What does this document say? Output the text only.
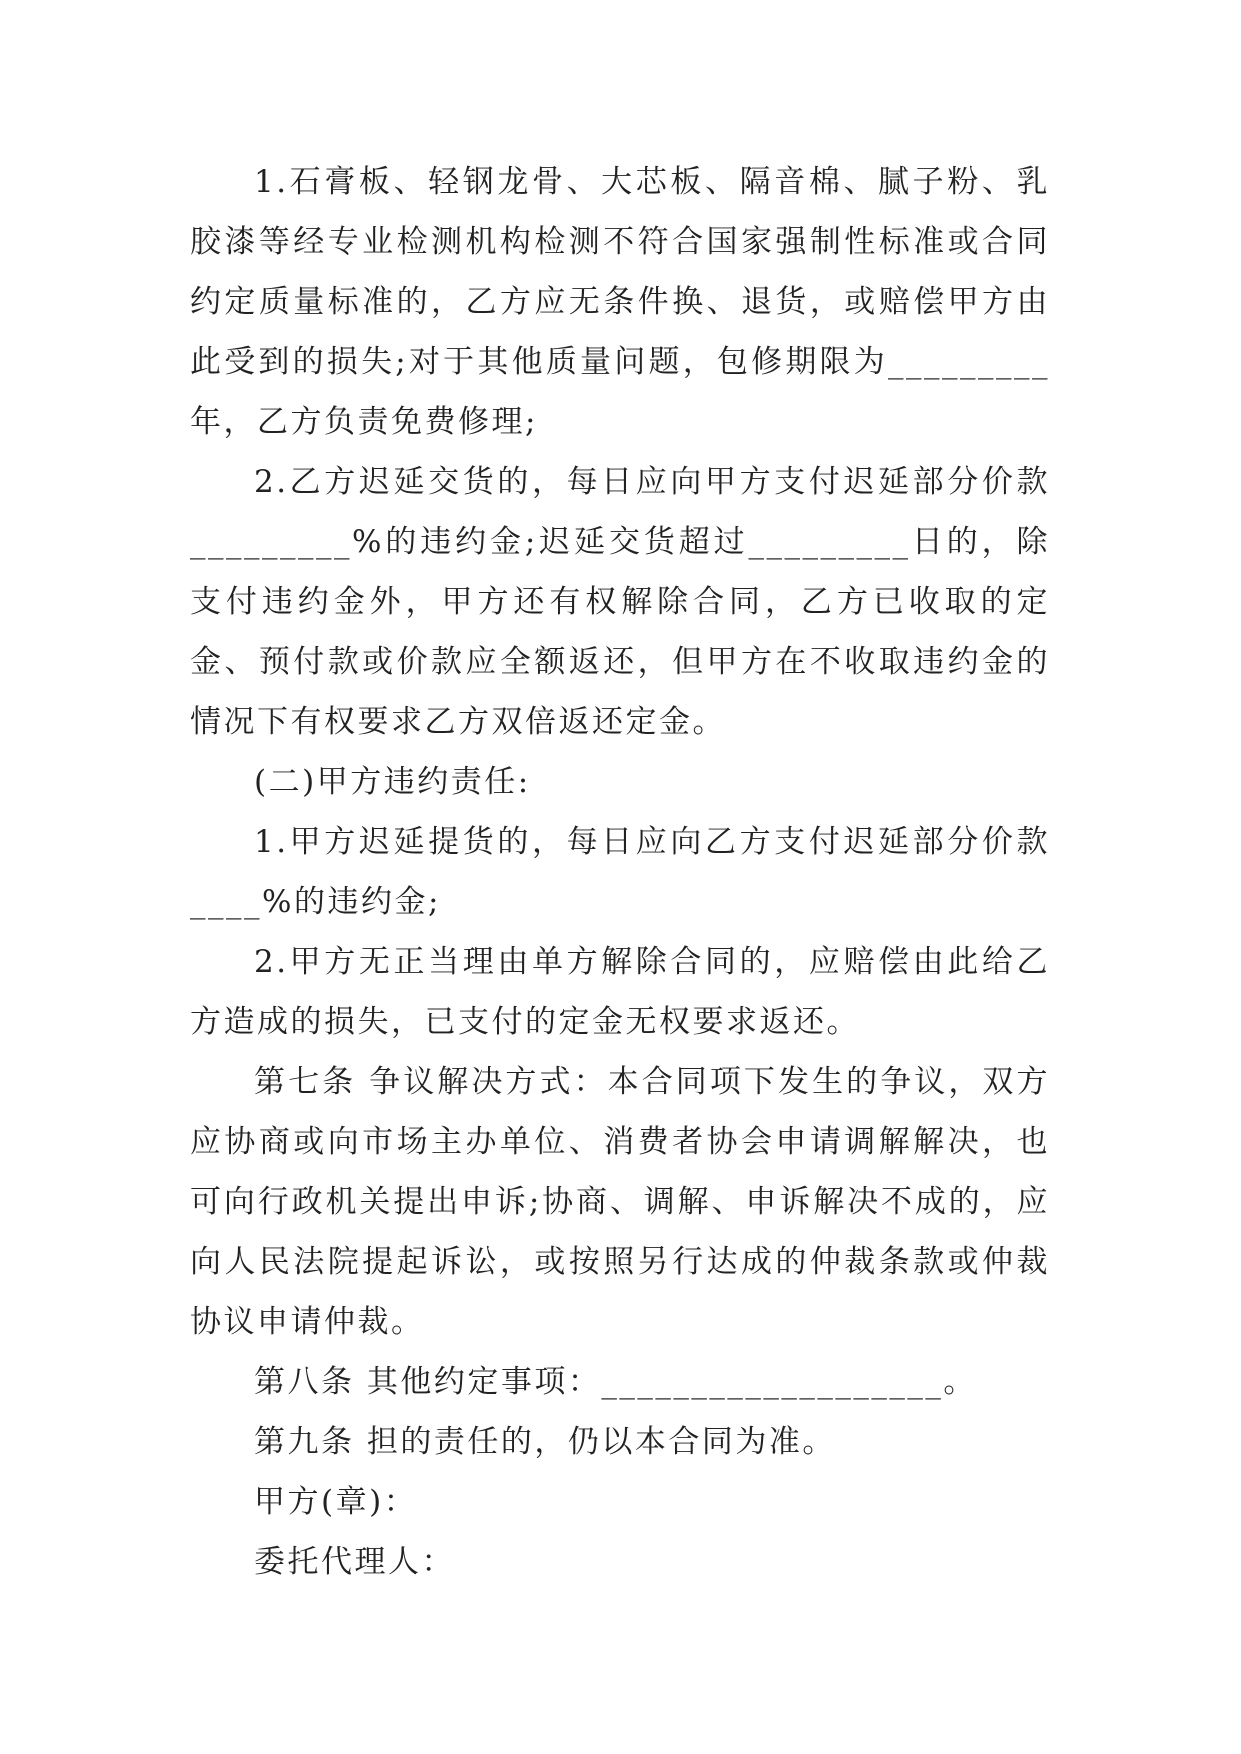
1.石膏板、轻钢龙骨、大芯板、隔音棉、腻子粉、乳胶漆等经专业检测机构检测不符合国家强制性标准或合同约定质量标准的，乙方应无条件换、退货，或赔偿甲方由此受到的损失;对于其他质量问题，包修期限为_________年，乙方负责免费修理;

2.乙方迟延交货的，每日应向甲方支付迟延部分价款_________%的违约金;迟延交货超过_________日的，除支付违约金外，甲方还有权解除合同，乙方已收取的定金、预付款或价款应全额返还，但甲方在不收取违约金的情况下有权要求乙方双倍返还定金。

(二)甲方违约责任:

1.甲方迟延提货的，每日应向乙方支付迟延部分价款____%的违约金;

2.甲方无正当理由单方解除合同的，应赔偿由此给乙方造成的损失，已支付的定金无权要求返还。

第七条 争议解决方式：本合同项下发生的争议，双方应协商或向市场主办单位、消费者协会申请调解解决，也可向行政机关提出申诉;协商、调解、申诉解决不成的，应向人民法院提起诉讼，或按照另行达成的仲裁条款或仲裁协议申请仲裁。

第八条 其他约定事项：___________________。

第九条 担的责任的，仍以本合同为准。

甲方(章)：

委托代理人：
